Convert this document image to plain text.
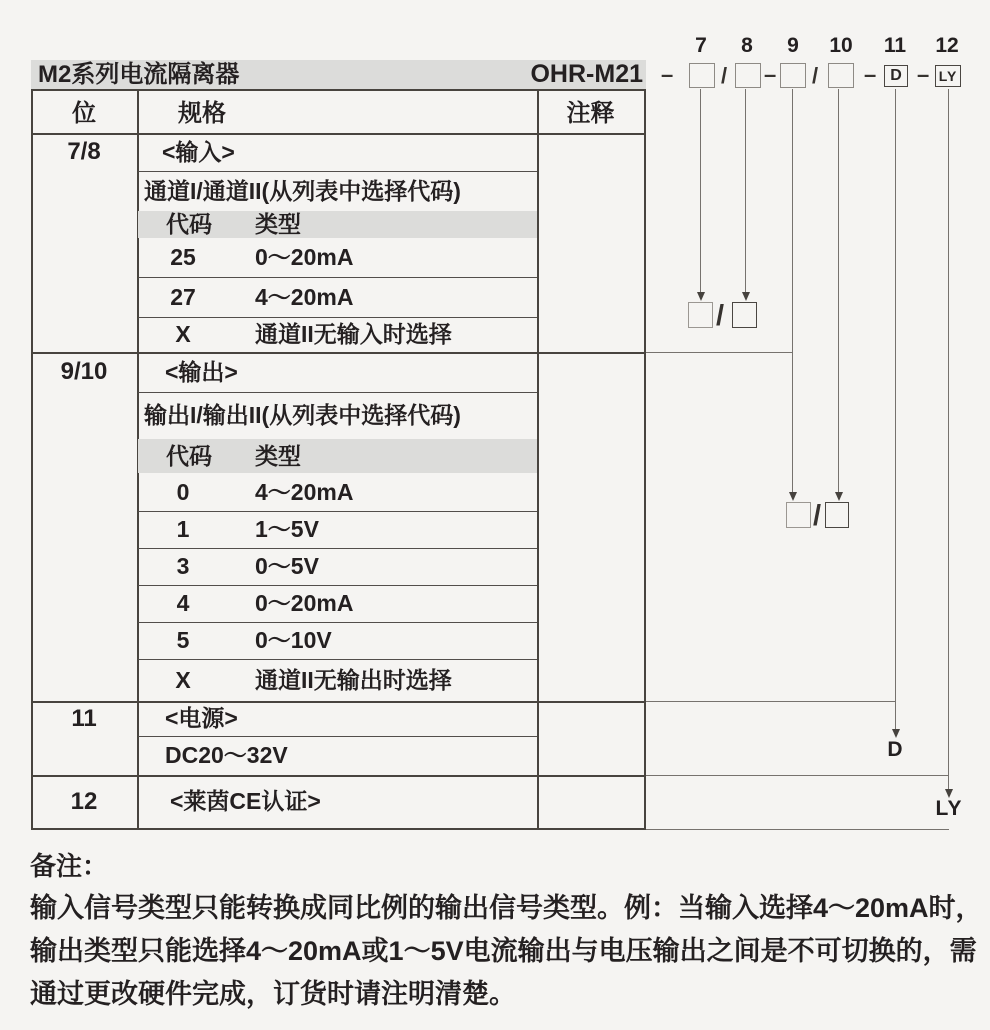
M2系列电流隔离器	OHR-M21
7 8 9 10 11 12
– / – / – D – LY
/
/
D
LY
位	规格	注释
7/8	<输入>
通道I/通道II(从列表中选择代码)
代码 类型
25	0～20mA
27	4～20mA
X	通道II无输入时选择
9/10	<输出>
输出I/输出II(从列表中选择代码)
代码 类型
0	4～20mA
1	1～5V
3	0～5V
4	0～20mA
5	0～10V
X	通道II无输出时选择
11	<电源>
DC20～32V
12	<莱茵CE认证>
备注：
输入信号类型只能转换成同比例的输出信号类型。例：当输入选择4～20mA时，
输出类型只能选择4～20mA或1～5V电流输出与电压输出之间是不可切换的，需
通过更改硬件完成，订货时请注明清楚。
